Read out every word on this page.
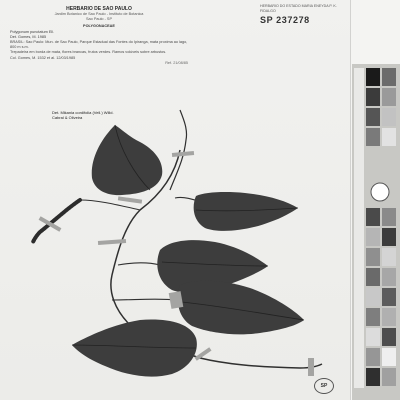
HERBARIO DE SAO PAULO

Jardim Botanico de Sao Paulo - Instituto de Botanica

Sao Paulo - SP

POLYGONACEAE

Polygonum punctatum Ell.

Det. Gomes, M. 1985

BRASIL: Sao Paulo: Mun. de Sao Paulo, Parque Estadual das Fontes do Ipiranga, mata proxima ao lago, 800 m s.m.

Trepadeira em borda de mata, flores brancas, frutos verdes. Ramos volúveis sobre arbustos.

Col. Gomes, M. 1532 et al. 12/03/1985

Ref. 21/08/85

Det. Mikania cordifolia (Vell.) Willd.
Cabral & Oliveira
HERBARIO DO ESTADO MARIA ENEYDA P. K. FIDALGO
SP 237278
SP
